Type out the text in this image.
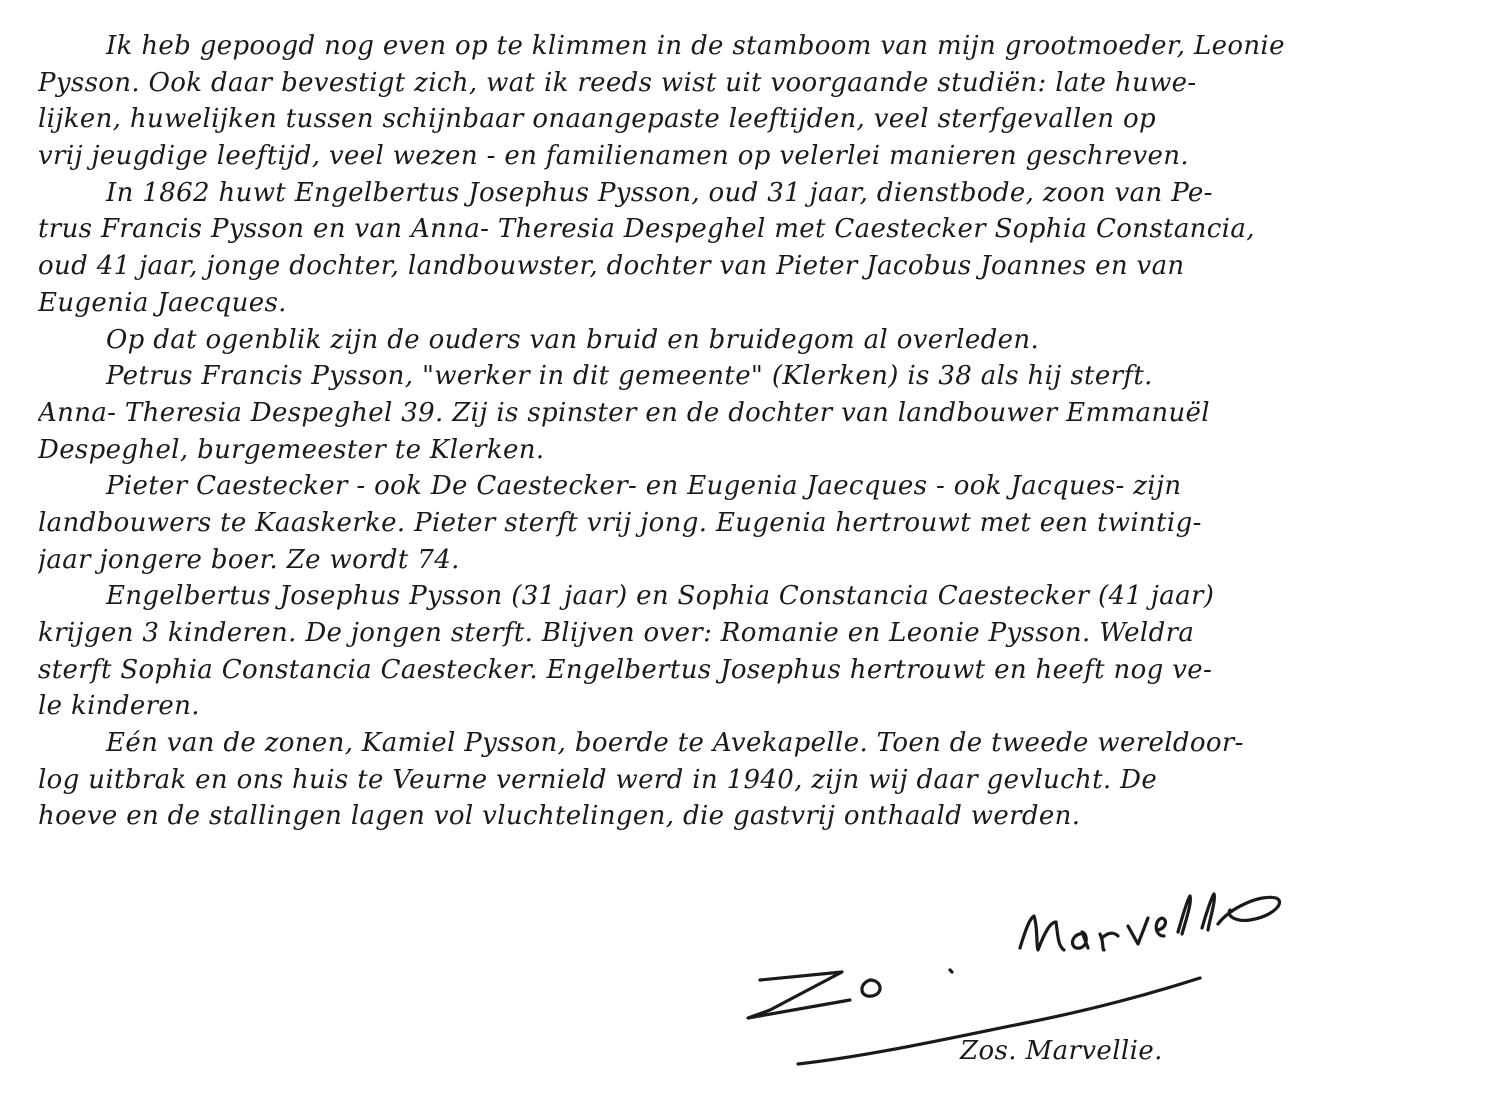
Ik heb gepoogd nog even op te klimmen in de stamboom van mijn grootmoeder, Leonie
Pysson. Ook daar bevestigt zich, wat ik reeds wist uit voorgaande studiën: late huwe-
lijken, huwelijken tussen schijnbaar onaangepaste leeftijden, veel sterfgevallen op
vrij jeugdige leeftijd, veel wezen - en familienamen op velerlei manieren geschreven.
In 1862 huwt Engelbertus Josephus Pysson, oud 31 jaar, dienstbode, zoon van Pe-
trus Francis Pysson en van Anna- Theresia Despeghel met Caestecker Sophia Constancia,
oud 41 jaar, jonge dochter, landbouwster, dochter van Pieter Jacobus Joannes en van
Eugenia Jaecques.
Op dat ogenblik zijn de ouders van bruid en bruidegom al overleden.
Petrus Francis Pysson, "werker in dit gemeente" (Klerken) is 38 als hij sterft.
Anna- Theresia Despeghel 39. Zij is spinster en de dochter van landbouwer Emmanuël
Despeghel, burgemeester te Klerken.
Pieter Caestecker - ook De Caestecker- en Eugenia Jaecques - ook Jacques- zijn
landbouwers te Kaaskerke. Pieter sterft vrij jong. Eugenia hertrouwt met een twintig-
jaar jongere boer. Ze wordt 74.
Engelbertus Josephus Pysson (31 jaar) en Sophia Constancia Caestecker (41 jaar)
krijgen 3 kinderen. De jongen sterft. Blijven over: Romanie en Leonie Pysson. Weldra
sterft Sophia Constancia Caestecker. Engelbertus Josephus hertrouwt en heeft nog ve-
le kinderen.
Eén van de zonen, Kamiel Pysson, boerde te Avekapelle. Toen de tweede wereldoor-
log uitbrak en ons huis te Veurne vernield werd in 1940, zijn wij daar gevlucht. De
hoeve en de stallingen lagen vol vluchtelingen, die gastvrij onthaald werden.
Zos. Marvellie.
